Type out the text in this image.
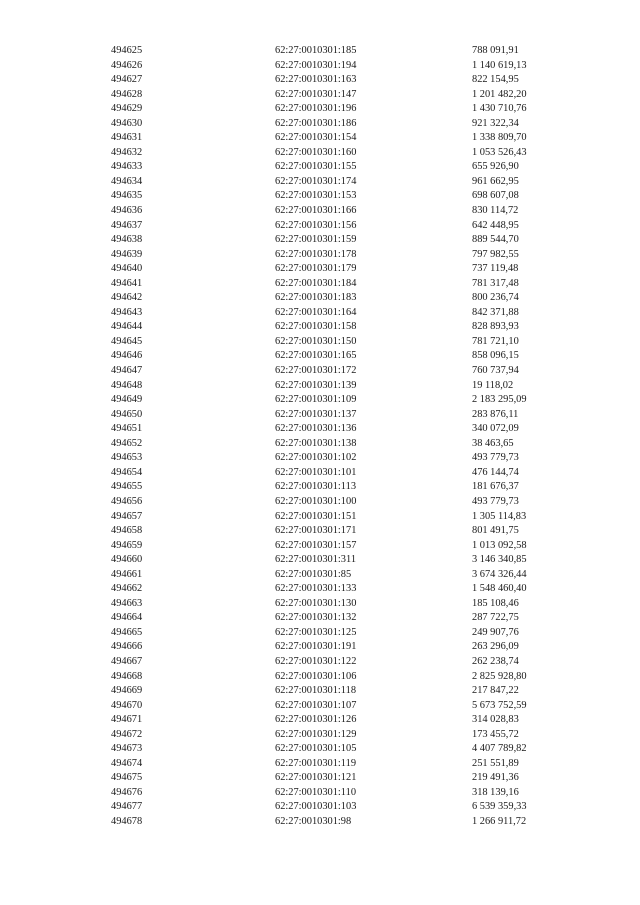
494625	62:27:0010301:185	788 091,91
494626	62:27:0010301:194	1 140 619,13
494627	62:27:0010301:163	822 154,95
494628	62:27:0010301:147	1 201 482,20
494629	62:27:0010301:196	1 430 710,76
494630	62:27:0010301:186	921 322,34
494631	62:27:0010301:154	1 338 809,70
494632	62:27:0010301:160	1 053 526,43
494633	62:27:0010301:155	655 926,90
494634	62:27:0010301:174	961 662,95
494635	62:27:0010301:153	698 607,08
494636	62:27:0010301:166	830 114,72
494637	62:27:0010301:156	642 448,95
494638	62:27:0010301:159	889 544,70
494639	62:27:0010301:178	797 982,55
494640	62:27:0010301:179	737 119,48
494641	62:27:0010301:184	781 317,48
494642	62:27:0010301:183	800 236,74
494643	62:27:0010301:164	842 371,88
494644	62:27:0010301:158	828 893,93
494645	62:27:0010301:150	781 721,10
494646	62:27:0010301:165	858 096,15
494647	62:27:0010301:172	760 737,94
494648	62:27:0010301:139	19 118,02
494649	62:27:0010301:109	2 183 295,09
494650	62:27:0010301:137	283 876,11
494651	62:27:0010301:136	340 072,09
494652	62:27:0010301:138	38 463,65
494653	62:27:0010301:102	493 779,73
494654	62:27:0010301:101	476 144,74
494655	62:27:0010301:113	181 676,37
494656	62:27:0010301:100	493 779,73
494657	62:27:0010301:151	1 305 114,83
494658	62:27:0010301:171	801 491,75
494659	62:27:0010301:157	1 013 092,58
494660	62:27:0010301:311	3 146 340,85
494661	62:27:0010301:85	3 674 326,44
494662	62:27:0010301:133	1 548 460,40
494663	62:27:0010301:130	185 108,46
494664	62:27:0010301:132	287 722,75
494665	62:27:0010301:125	249 907,76
494666	62:27:0010301:191	263 296,09
494667	62:27:0010301:122	262 238,74
494668	62:27:0010301:106	2 825 928,80
494669	62:27:0010301:118	217 847,22
494670	62:27:0010301:107	5 673 752,59
494671	62:27:0010301:126	314 028,83
494672	62:27:0010301:129	173 455,72
494673	62:27:0010301:105	4 407 789,82
494674	62:27:0010301:119	251 551,89
494675	62:27:0010301:121	219 491,36
494676	62:27:0010301:110	318 139,16
494677	62:27:0010301:103	6 539 359,33
494678	62:27:0010301:98	1 266 911,72
